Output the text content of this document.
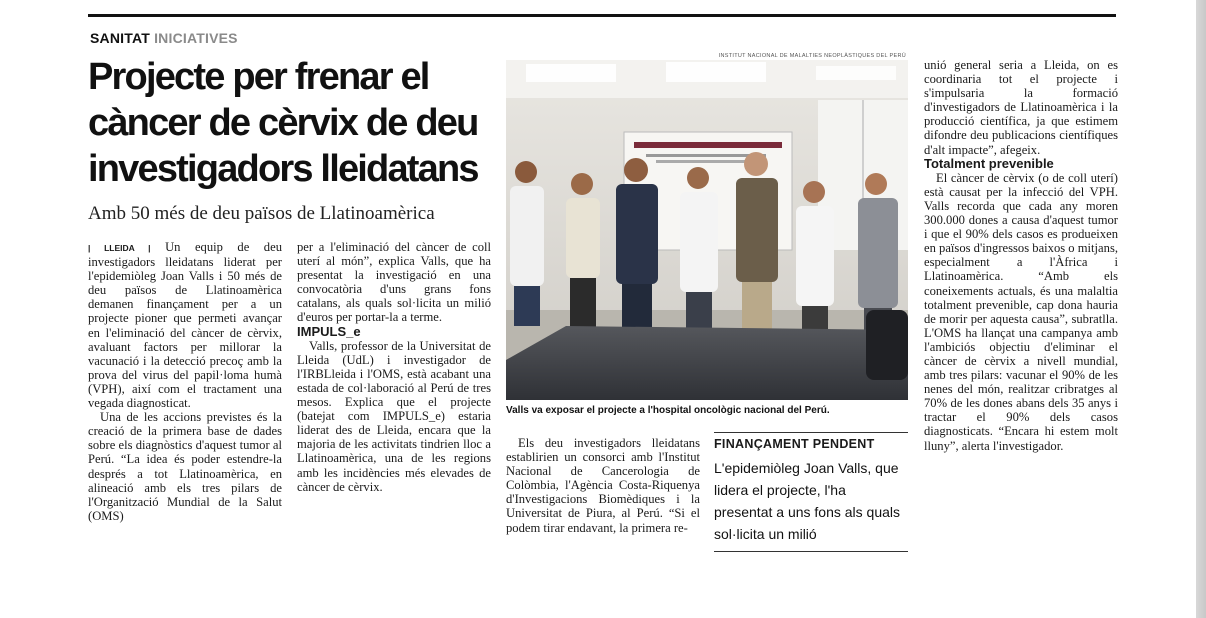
SANITAT INICIATIVES
Projecte per frenar el
càncer de cèrvix de deu
investigadors lleidatans
Amb 50 més de deu països de Llatinoamèrica

| LLEIDA | Un equip de deu investigadors lleidatans liderat per l'epidemiòleg Joan Valls i 50 més de deu països de Llatinoamèrica demanen finançament per a un projecte pioner que permeti avançar en l'eliminació del càncer de cèrvix, avaluant factors per millorar la vacunació i la detecció precoç amb la prova del virus del papil·loma humà (VPH), així com el tractament una vegada diagnosticat.

Una de les accions previstes és la creació de la primera base de dades sobre els diagnòstics d'aquest tumor al Perú. “La idea és poder estendre-la després a tot Llatinoamèrica, en alineació amb els tres pilars de l'Organització Mundial de la Salut (OMS)

per a l'eliminació del càncer de coll uterí al món”, explica Valls, que ha presentat la investigació en una convocatòria d'uns grans fons catalans, als quals sol·licita un milió d'euros per portar-la a terme.

IMPULS_e

Valls, professor de la Universitat de Lleida (UdL) i investigador de l'IRBLleida i l'OMS, està acabant una estada de col·laboració al Perú de tres mesos. Explica que el projecte (batejat com IMPULS_e) estaria liderat des de Lleida, encara que la majoria de les activitats tindrien lloc a Llatinoamèrica, una de les regions amb les incidències més elevades de càncer de cèrvix.

INSTITUT NACIONAL DE MALALTIES NEOPLÀSTIQUES DEL PERÚ
Valls va exposar el projecte a l'hospital oncològic nacional del Perú.

Els deu investigadors lleidatans establirien un consorci amb l'Institut Nacional de Cancerologia de Colòmbia, l'Agència Costa-Riquenya d'Investigacions Biomèdiques i la Universitat de Piura, al Perú. “Si el podem tirar endavant, la primera re-

FINANÇAMENT PENDENT
L'epidemiòleg Joan Valls, que lidera el projecte, l'ha presentat a uns fons als quals sol·licita un milió

unió general seria a Lleida, on es coordinaria tot el projecte i s'impulsaria la formació d'investigadors de Llatinoamèrica i la producció científica, ja que estimem difondre deu publicacions científiques d'alt impacte”, afegeix.

Totalment prevenible

El càncer de cèrvix (o de coll uterí) està causat per la infecció del VPH. Valls recorda que cada any moren 300.000 dones a causa d'aquest tumor i que el 90% dels casos es produeixen en països d'ingressos baixos o mitjans, especialment a l'Àfrica i Llatinoamèrica. “Amb els coneixements actuals, és una malaltia totalment prevenible, cap dona hauria de morir per aquesta causa”, subratlla. L'OMS ha llançat una campanya amb l'ambiciós objectiu d'eliminar el càncer de cèrvix a nivell mundial, amb tres pilars: vacunar el 90% de les nenes del món, realitzar cribratges al 70% de les dones abans dels 35 anys i tractar el 90% dels casos diagnosticats. “Encara hi estem molt lluny”, alerta l'investigador.
